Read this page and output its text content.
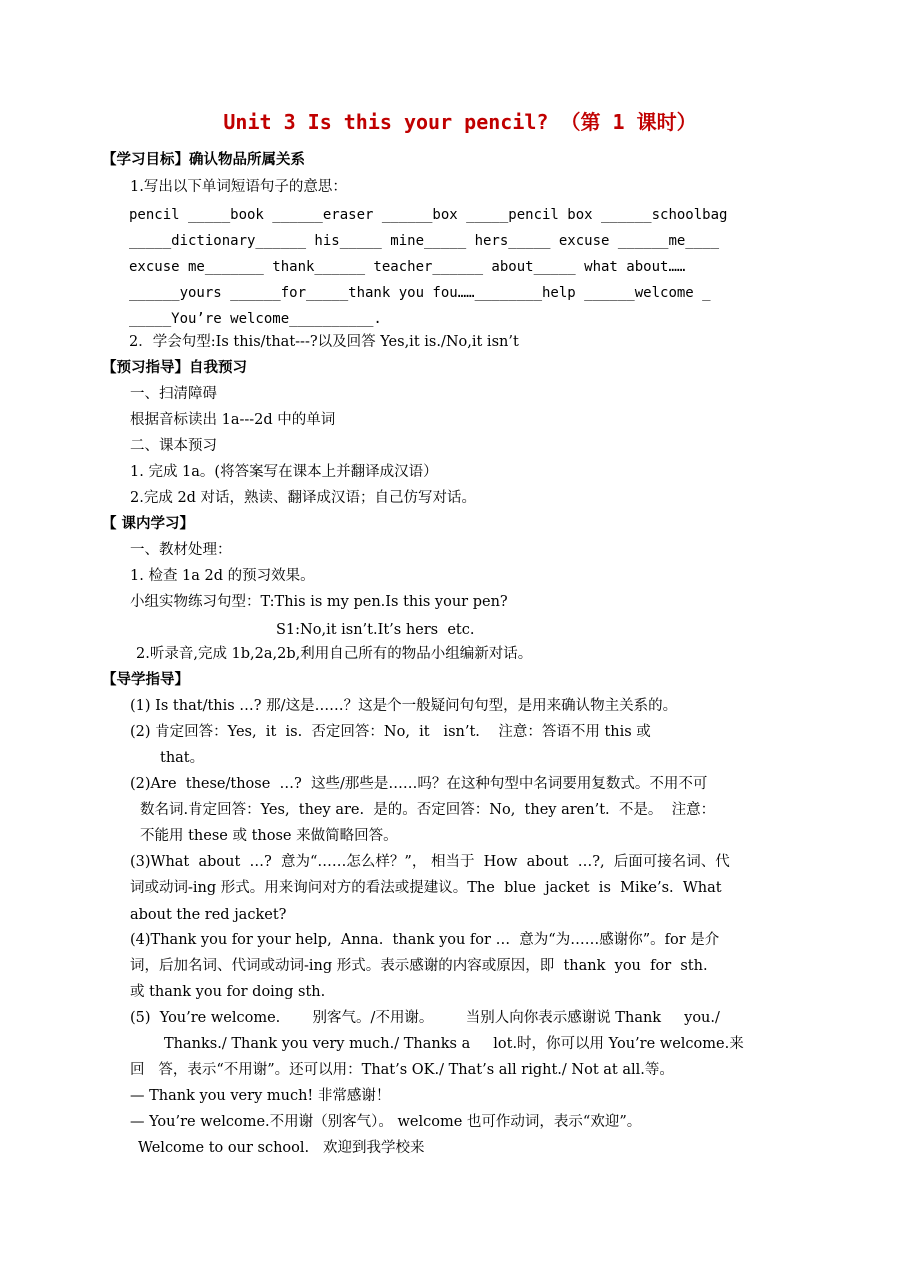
Unit 3 Is this your pencil? （第 1 课时）
【学习目标】确认物品所属关系
1.写出以下单词短语句子的意思：
pencil _____book ______eraser ______box _____pencil box ______schoolbag
_____dictionary______ his_____ mine_____ hers_____ excuse ______me____
excuse me_______ thank______ teacher______ about_____ what about……
______yours ______for_____thank you fou……________help ______welcome _
_____You’re welcome__________.
2．学会句型:Is this/that---?以及回答 Yes,it is./No,it isn’t
【预习指导】自我预习
一、扫清障碍
根据音标读出 1a---2d 中的单词
二、课本预习
1. 完成 1a。(将答案写在课本上并翻译成汉语）
2.完成 2d 对话，熟读、翻译成汉语；自己仿写对话。
【 课内学习】
一、教材处理：
1. 检查 1a 2d 的预习效果。
小组实物练习句型：T:This is my pen.Is this your pen?
S1:No,it isn’t.It’s hers  etc.
2.听录音,完成 1b,2a,2b,利用自己所有的物品小组编新对话。
【导学指导】
(1) Is that/this …? 那/这是……？这是个一般疑问句句型，是用来确认物主关系的。
(2) 肯定回答：Yes,  it  is.  否定回答：No,  it   isn’t.    注意：答语不用 this 或
that。
(2)Are  these/those  …?  这些/那些是……吗？在这种句型中名词要用复数式。不用不可
数名词.肯定回答：Yes,  they are.  是的。否定回答：No,  they aren’t.  不是。  注意：
不能用 these 或 those 来做简略回答。
(3)What  about  …?  意为“……怎么样？”， 相当于  How  about  …?,  后面可接名词、代
词或动词-ing 形式。用来询问对方的看法或提建议。The  blue  jacket  is  Mike’s.  What
about the red jacket?
(4)Thank you for your help,  Anna.  thank you for …  意为“为……感谢你”。for 是介
词，后加名词、代词或动词-ing 形式。表示感谢的内容或原因，即  thank  you  for  sth.
或 thank you for doing sth.
(5)  You’re welcome.       别客气。/不用谢。       当别人向你表示感谢说 Thank     you./
Thanks./ Thank you very much./ Thanks a     lot.时，你可以用 You’re welcome.来
回   答，表示“不用谢”。还可以用：That’s OK./ That’s all right./ Not at all.等。
— Thank you very much! 非常感谢！
— You’re welcome.不用谢（别客气）。 welcome 也可作动词，表示“欢迎”。
Welcome to our school.   欢迎到我学校来
